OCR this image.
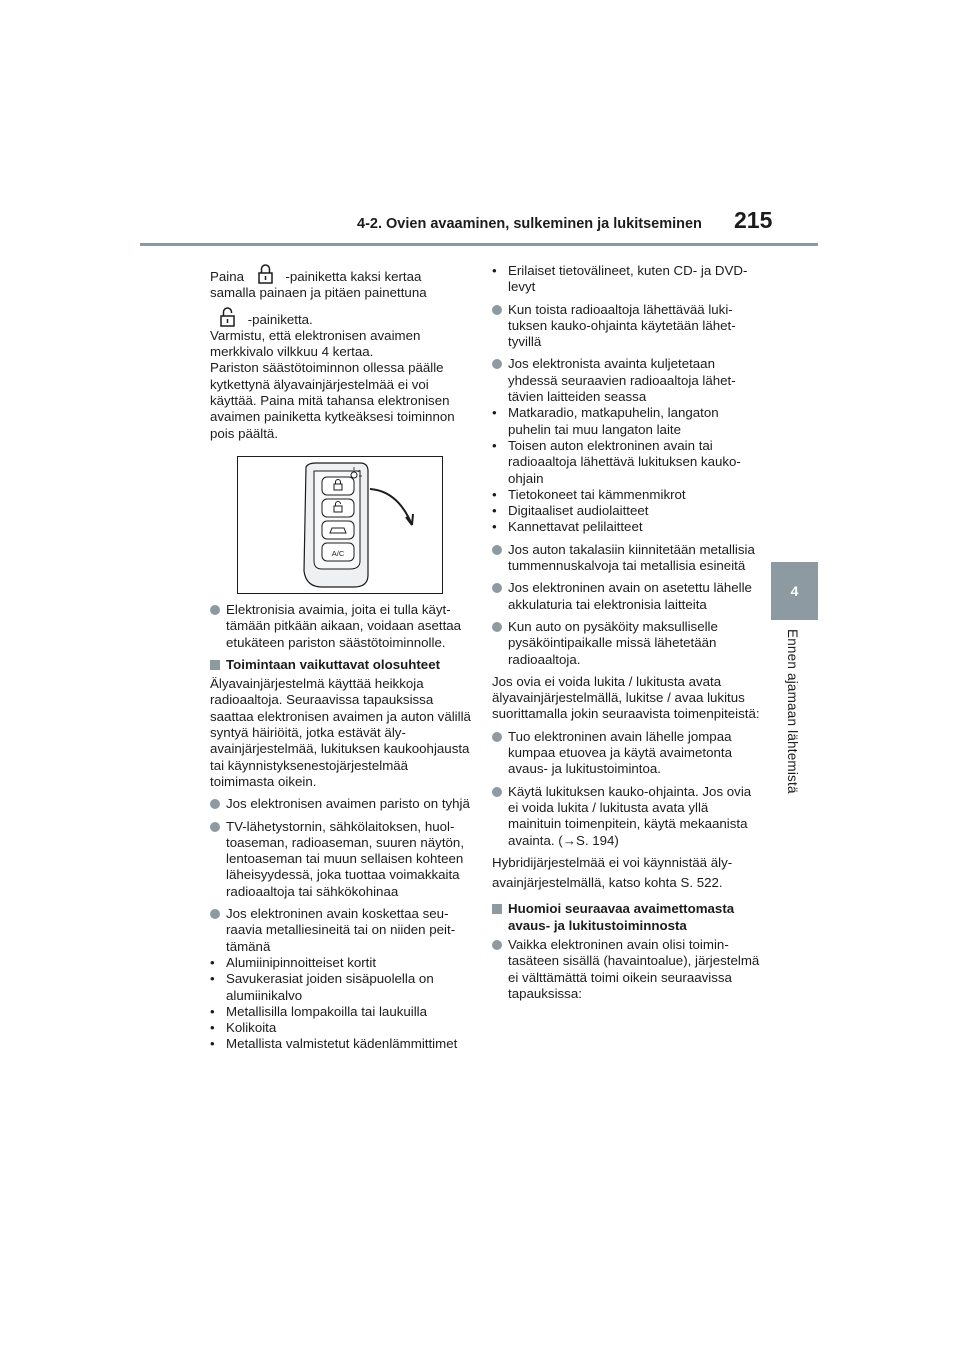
4-2. Ovien avaaminen, sulkeminen ja lukitseminen 215
4
Ennen ajamaan lähtemistä

Paina	-painiketta kaksi kertaa

samalla painaen ja pitäen painettuna

-painiketta.

Varmistu, että elektronisen avaimen merkkivalo vilkkuu 4 kertaa.

Pariston säästötoiminnon ollessa päälle kytkettynä älyavainjärjestelmää ei voi käyttää. Paina mitä tahansa elektronisen avaimen painiketta kytkeäksesi toiminnon pois päältä.

A/C
Elektronisia avaimia, joita ei tulla käyttämään pitkään aikaan, voidaan asettaa etukäteen pariston säästötoiminnolle.
Toimintaan vaikuttavat olosuhteet

Älyavainjärjestelmä käyttää heikkoja radioaaltoja. Seuraavissa tapauksissa saattaa elektronisen avaimen ja auton välillä syntyä häiriöitä, jotka estävät älyavainjärjestelmää, lukituksen kaukoohjausta tai käynnistyksenestojärjestelmää toimimasta oikein.

Jos elektronisen avaimen paristo on tyhjä
TV-lähetystornin, sähkölaitoksen, huoltoaseman, radioaseman, suuren näytön, lentoaseman tai muun sellaisen kohteen läheisyydessä, joka tuottaa voimakkaita radioaaltoja tai sähkökohinaa
Jos elektroninen avain koskettaa seuraavia metalliesineitä tai on niiden peittämänä
• Alumiinipinnoitteiset kortit
• Savukerasiat joiden sisäpuolella on alumiinikalvo
• Metallisilla lompakoilla tai laukuilla
• Kolikoita
• Metallista valmistetut kädenlämmittimet
• Erilaiset tietovälineet, kuten CD- ja DVD-levyt
Kun toista radioaaltoja lähettävää lukituksen kauko-ohjainta käytetään lähettyvillä
Jos elektronista avainta kuljetetaan yhdessä seuraavien radioaaltoja lähettävien laitteiden seassa
• Matkaradio, matkapuhelin, langaton puhelin tai muu langaton laite
• Toisen auton elektroninen avain tai radioaaltoja lähettävä lukituksen kauko-ohjain
• Tietokoneet tai kämmenmikrot
• Digitaaliset audiolaitteet
• Kannettavat pelilaitteet
Jos auton takalasiin kiinnitetään metallisia tummennuskalvoja tai metallisia esineitä
Jos elektroninen avain on asetettu lähelle akkulaturia tai elektronisia laitteita
Kun auto on pysäköity maksulliselle pysäköintipaikalle missä lähetetään radioaaltoja.

Jos ovia ei voida lukita / lukitusta avata älyavainjärjestelmällä, lukitse / avaa lukitus suorittamalla jokin seuraavista toimenpiteistä:

Tuo elektroninen avain lähelle jompaa kumpaa etuovea ja käytä avaimetonta avaus- ja lukitustoimintoa.
Käytä lukituksen kauko-ohjainta. Jos ovia ei voida lukita / lukitusta avata yllä mainituin toimenpitein, käytä mekaanista avainta. (→S. 194)

Hybridijärjestelmää ei voi käynnistää äly-

avainjärjestelmällä, katso kohta S. 522.

Huomioi seuraavaa avaimettomasta avaus- ja lukitustoiminnosta
Vaikka elektroninen avain olisi toimintasäteen sisällä (havaintoalue), järjestelmä ei välttämättä toimi oikein seuraavissa tapauksissa:
